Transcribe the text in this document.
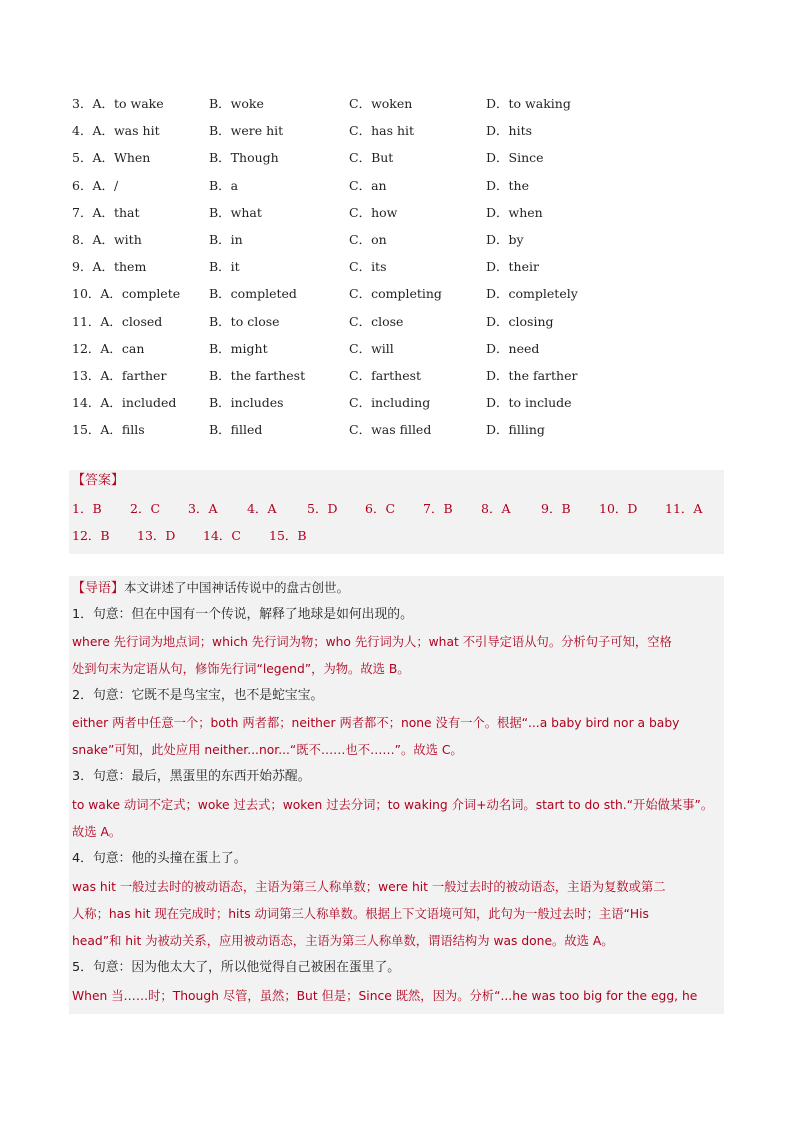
3．A．to wake	B．woke	C．woken	D．to waking
4．A．was hit	B．were hit	C．has hit	D．hits
5．A．When	B．Though	C．But	D．Since
6．A．/	B．a	C．an	D．the
7．A．that	B．what	C．how	D．when
8．A．with	B．in	C．on	D．by
9．A．them	B．it	C．its	D．their
10．A．complete B．completed	C．completing	D．completely
11．A．closed	B．to close	C．close	D．closing
12．A．can	B．might	C．will	D．need
13．A．farther	B．the farthest	C．farthest	D．the farther
14．A．included	B．includes	C．including	D．to include
15．A．fills	B．filled	C．was filled	D．filling
【答案】
1．B 2．C 3．A 4．A 5．D 6．C 7．B 8．A 9．B 10．D 11．A
12．B 13．D 14．C 15．B
【导语】本文讲述了中国神话传说中的盘古创世。
1．句意：但在中国有一个传说，解释了地球是如何出现的。
where 先行词为地点词；which 先行词为物；who 先行词为人；what 不引导定语从句。分析句子可知，空格
处到句末为定语从句，修饰先行词“legend”，为物。故选 B。
2．句意：它既不是鸟宝宝，也不是蛇宝宝。
either 两者中任意一个；both 两者都；neither 两者都不；none 没有一个。根据“...a baby bird nor a baby
snake”可知，此处应用 neither...nor...“既不……也不……”。故选 C。
3．句意：最后，黑蛋里的东西开始苏醒。
to wake 动词不定式；woke 过去式；woken 过去分词；to waking 介词+动名词。start to do sth.“开始做某事”。
故选 A。
4．句意：他的头撞在蛋上了。
was hit 一般过去时的被动语态，主语为第三人称单数；were hit 一般过去时的被动语态，主语为复数或第二
人称；has hit 现在完成时；hits 动词第三人称单数。根据上下文语境可知，此句为一般过去时；主语“His
head”和 hit 为被动关系，应用被动语态，主语为第三人称单数，谓语结构为 was done。故选 A。
5．句意：因为他太大了，所以他觉得自己被困在蛋里了。
When 当……时；Though 尽管，虽然；But 但是；Since 既然，因为。分析“...he was too big for the egg, he
